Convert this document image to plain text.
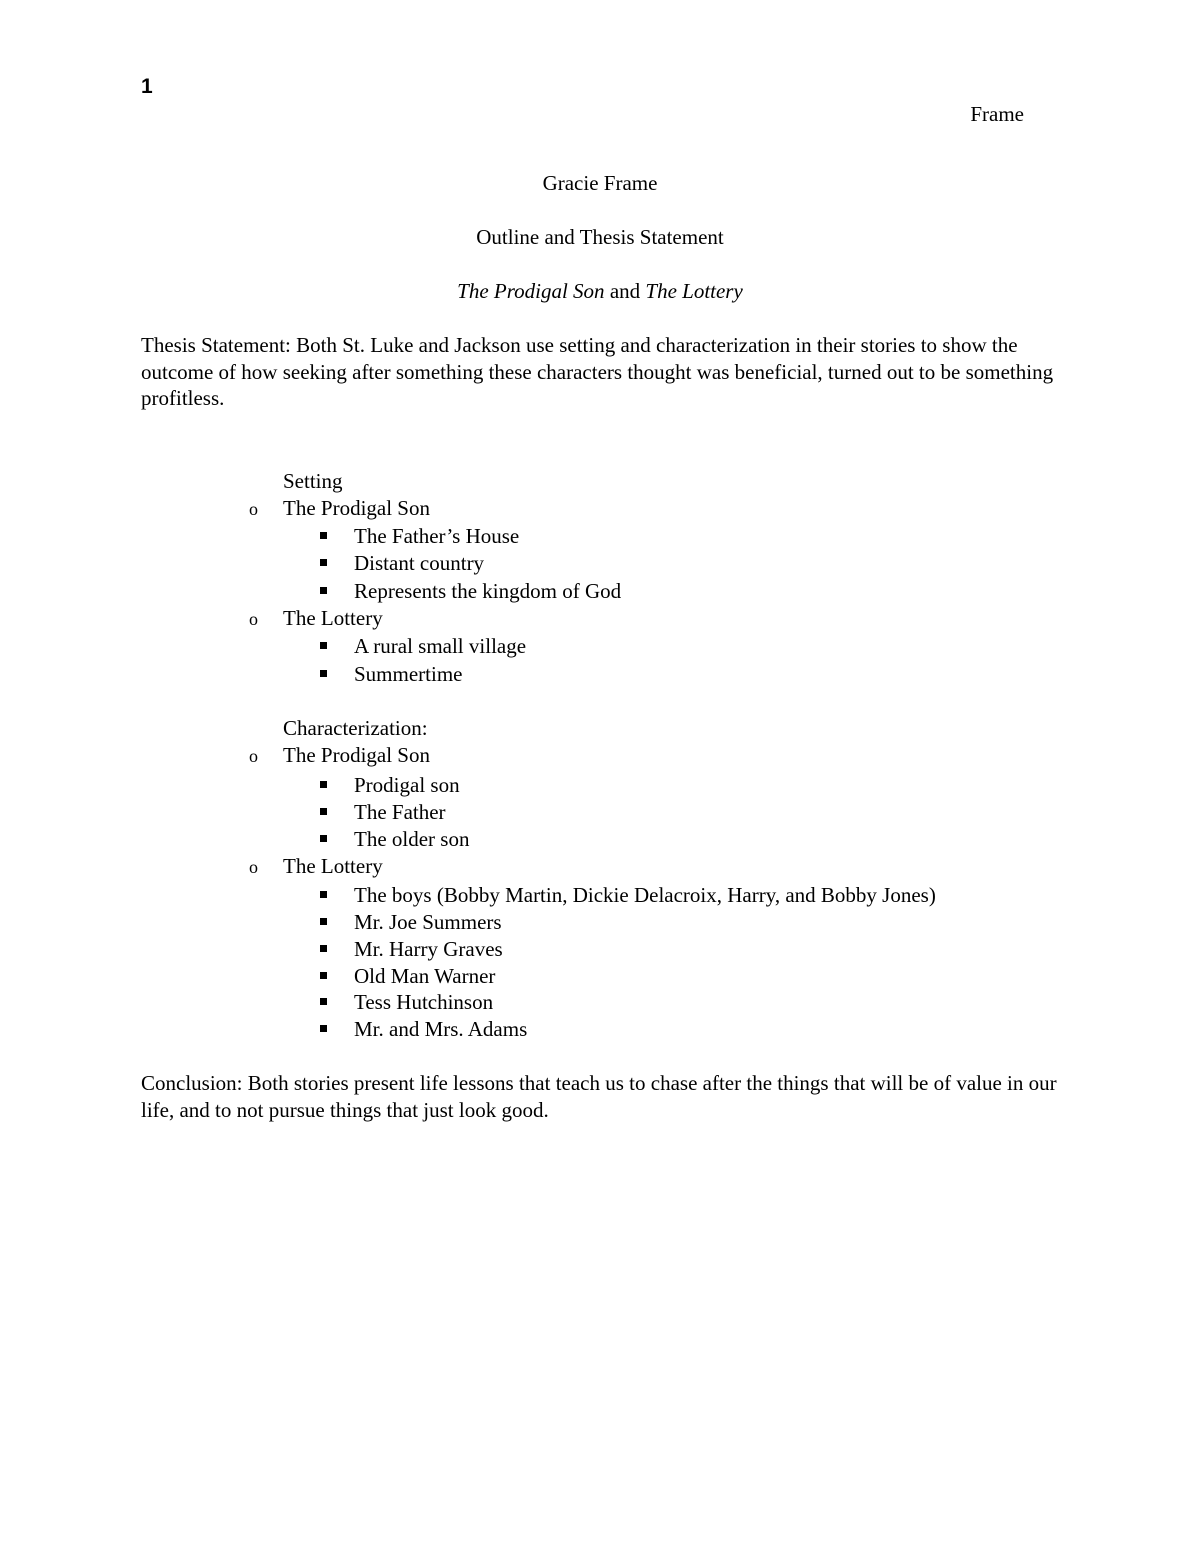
1
Frame
Gracie Frame
Outline and Thesis Statement
The Prodigal Son and The Lottery
Thesis Statement: Both St. Luke and Jackson use setting and characterization in their stories to show the outcome of how seeking after something these characters thought was beneficial, turned out to be something profitless.
Setting
o The Prodigal Son
The Father’s House
Distant country
Represents the kingdom of God
o The Lottery
A rural small village
Summertime
Characterization:
o The Prodigal Son
Prodigal son
The Father
The older son
o The Lottery
The boys (Bobby Martin, Dickie Delacroix, Harry, and Bobby Jones)
Mr. Joe Summers
Mr. Harry Graves
Old Man Warner
Tess Hutchinson
Mr. and Mrs. Adams
Conclusion: Both stories present life lessons that teach us to chase after the things that will be of value in our life, and to not pursue things that just look good.
